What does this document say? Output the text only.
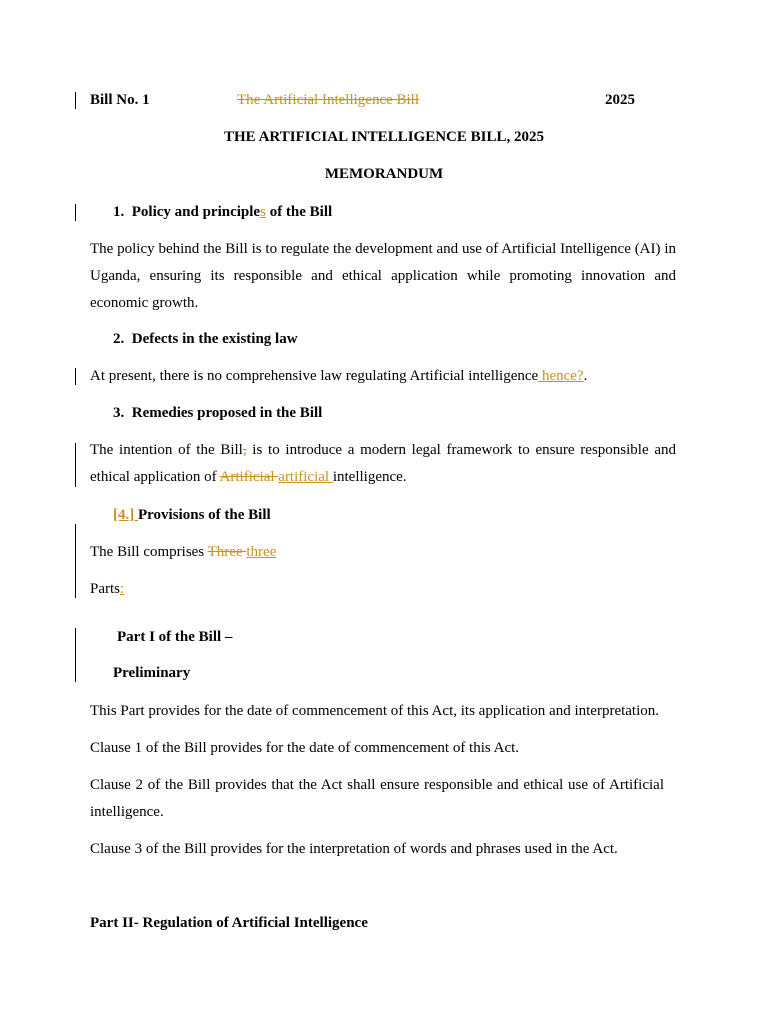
Bill No. 1	The Artificial Intelligence Bill	2025
THE ARTIFICIAL INTELLIGENCE BILL, 2025
MEMORANDUM
1. Policy and principles of the Bill
The policy behind the Bill is to regulate the development and use of Artificial Intelligence (AI) in Uganda, ensuring its responsible and ethical application while promoting innovation and economic growth.
2. Defects in the existing law
At present, there is no comprehensive law regulating Artificial intelligence hence?.
3. Remedies proposed in the Bill
The intention of the Bill, is to introduce a modern legal framework to ensure responsible and ethical application of Artificial artificial intelligence.
[4.] Provisions of the Bill
The Bill comprises Three three
Parts:
Part I of the Bill –
Preliminary
This Part provides for the date of commencement of this Act, its application and interpretation.
Clause 1 of the Bill provides for the date of commencement of this Act.
Clause 2 of the Bill provides that the Act shall ensure responsible and ethical use of Artificial intelligence.
Clause 3 of the Bill provides for the interpretation of words and phrases used in the Act.
Part II- Regulation of Artificial Intelligence
